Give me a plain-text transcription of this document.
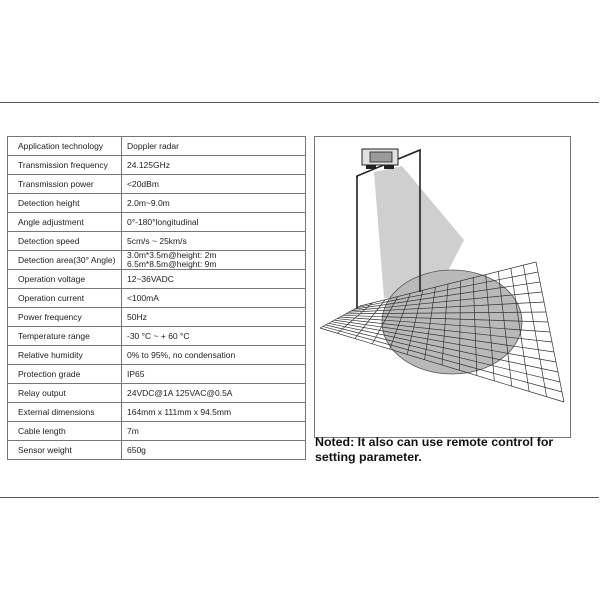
Application technology	Doppler radar

Transmission frequency	24.125GHz

Transmission power	<20dBm

Detection height	2.0m~9.0m

Angle adjustment	0°-180°longitudinal

Detection speed	5cm/s ~ 25km/s

Detection area(30° Angle)	3.0m*3.5m@height: 2m
6.5m*8.5m@height: 9m

Operation voltage	12~36VADC

Operation current	<100mA

Power frequency	50Hz

Temperature range	-30 °C ~ + 60 °C

Relative humidity	0% to 95%, no condensation

Protection grade	IP65

Relay output	24VDC@1A 125VAC@0.5A

External dimensions	164mm x 111mm x 94.5mm

Cable length	7m

Sensor weight	650g
Noted: It also can use remote control for
setting parameter.
